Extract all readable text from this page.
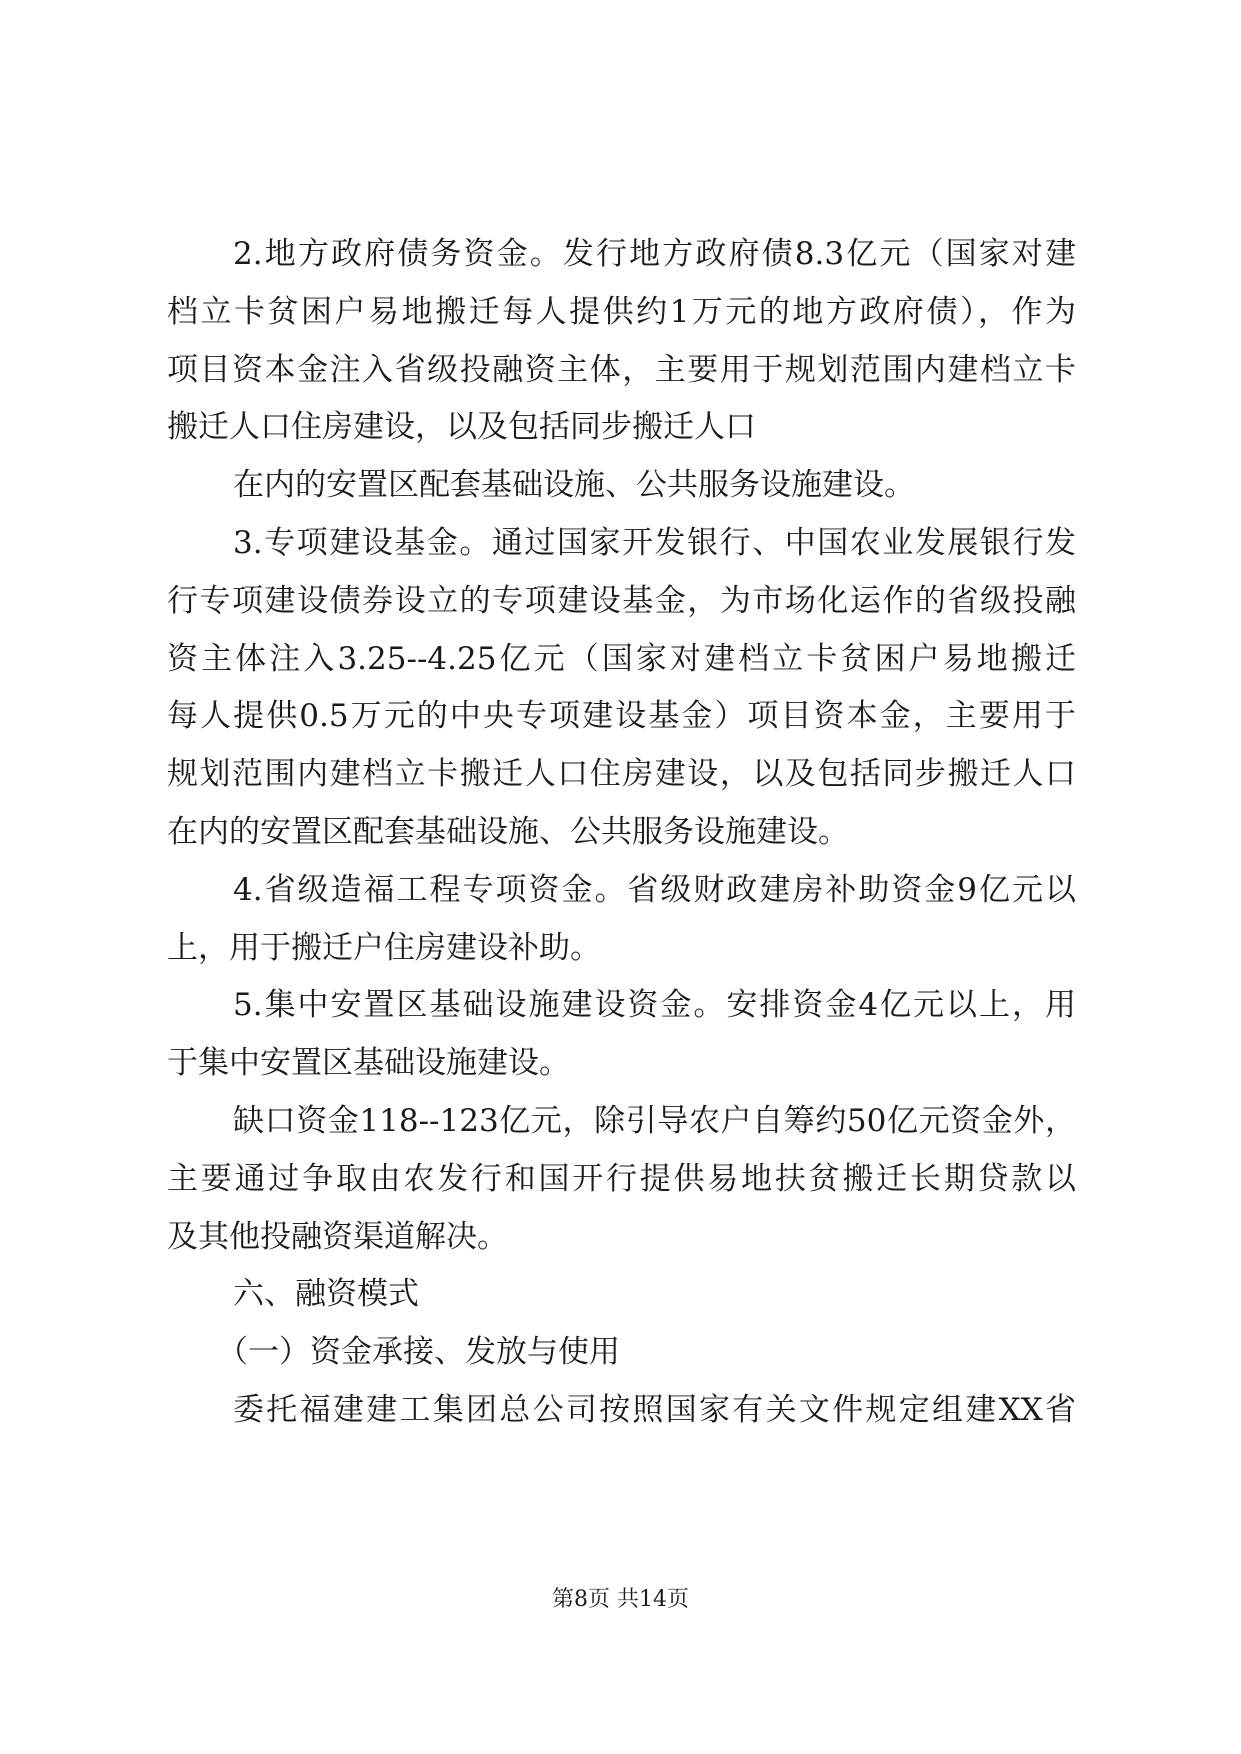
2.地方政府债务资金。发行地方政府债8.3亿元（国家对建
档立卡贫困户易地搬迁每人提供约1万元的地方政府债），作为
项目资本金注入省级投融资主体，主要用于规划范围内建档立卡
搬迁人口住房建设，以及包括同步搬迁人口
在内的安置区配套基础设施、公共服务设施建设。
3.专项建设基金。通过国家开发银行、中国农业发展银行发
行专项建设债券设立的专项建设基金，为市场化运作的省级投融
资主体注入3.25--4.25亿元（国家对建档立卡贫困户易地搬迁
每人提供0.5万元的中央专项建设基金）项目资本金，主要用于
规划范围内建档立卡搬迁人口住房建设，以及包括同步搬迁人口
在内的安置区配套基础设施、公共服务设施建设。
4.省级造福工程专项资金。省级财政建房补助资金9亿元以
上，用于搬迁户住房建设补助。
5.集中安置区基础设施建设资金。安排资金4亿元以上，用
于集中安置区基础设施建设。
缺口资金118--123亿元，除引导农户自筹约50亿元资金外，
主要通过争取由农发行和国开行提供易地扶贫搬迁长期贷款以
及其他投融资渠道解决。
六、融资模式
（一）资金承接、发放与使用
委托福建建工集团总公司按照国家有关文件规定组建XX省
第8页 共14页
